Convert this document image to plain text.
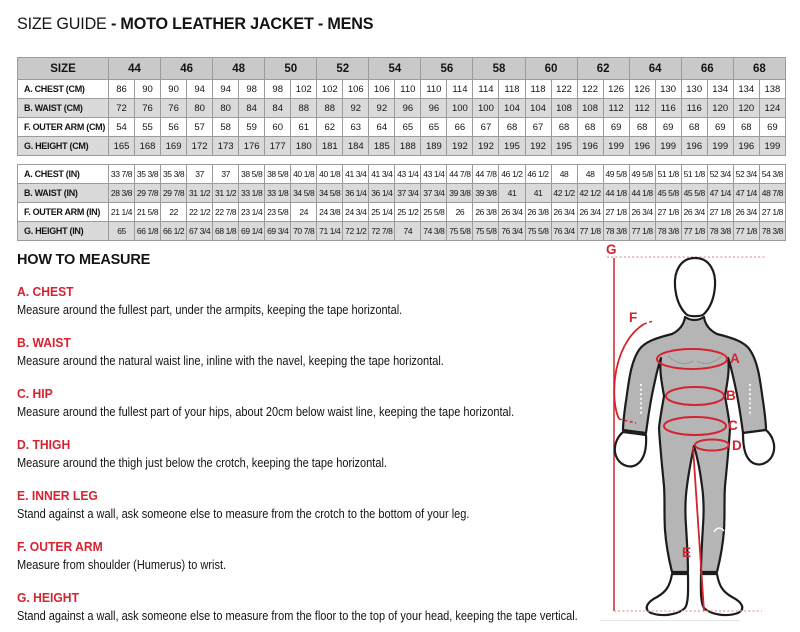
SIZE GUIDE - MOTO LEATHER JACKET - MENS
SIZE	44		46		48		50		52		54		56		58		60		62		64		66		68	
A. CHEST (CM)	86	90	90	94	94	98	98	102	102	106	106	110	110	114	114	118	118	122	122	126	126	130	130	134	134	138
B. WAIST (CM)	72	76	76	80	80	84	84	88	88	92	92	96	96	100	100	104	104	108	108	112	112	116	116	120	120	124
F. OUTER ARM (CM)	54	55	56	57	58	59	60	61	62	63	64	65	65	66	67	68	67	68	68	69	68	69	68	69	68	69
G. HEIGHT (CM)	165	168	169	172	173	176	177	180	181	184	185	188	189	192	192	195	192	195	196	199	196	199	196	199	196	199

A. CHEST (IN)	33 7/8	35 3/8	35 3/8	37	37	38 5/8	38 5/8	40 1/8	40 1/8	41 3/4	41 3/4	43 1/4	43 1/4	44 7/8	44 7/8	46 1/2	46 1/2	48	48	49 5/8	49 5/8	51 1/8	51 1/8	52 3/4	52 3/4	54 3/8
B. WAIST (IN)	28 3/8	29 7/8	29 7/8	31 1/2	31 1/2	33 1/8	33 1/8	34 5/8	34 5/8	36 1/4	36 1/4	37 3/4	37 3/4	39 3/8	39 3/8	41	41	42 1/2	42 1/2	44 1/8	44 1/8	45 5/8	45 5/8	47 1/4	47 1/4	48 7/8
F. OUTER ARM (IN)	21 1/4	21 5/8	22	22 1/2	22 7/8	23 1/4	23 5/8	24	24 3/8	24 3/4	25 1/4	25 1/2	25 5/8	26	26 3/8	26 3/4	26 3/8	26 3/4	26 3/4	27 1/8	26 3/4	27 1/8	26 3/4	27 1/8	26 3/4	27 1/8
G. HEIGHT (IN)	65	66 1/8	66 1/2	67 3/4	68 1/8	69 1/4	69 3/4	70 7/8	71 1/4	72 1/2	72 7/8	74	74 3/8	75 5/8	75 5/8	76 3/4	75 5/8	76 3/4	77 1/8	78 3/8	77 1/8	78 3/8	77 1/8	78 3/8	77 1/8	78 3/8
HOW TO MEASURE
A. CHEST
Measure around the fullest part, under the armpits, keeping the tape horizontal.
B. WAIST
Measure around the natural waist line, inline with the navel, keeping the tape horizontal.
C. HIP
Measure around the fullest part of your hips, about 20cm below waist line, keeping the tape horizontal.
D. THIGH
Measure around the thigh just below the crotch, keeping the tape horizontal.
E. INNER LEG
Stand against a wall, ask someone else to measure from the crotch to the bottom of your leg.
F. OUTER ARM
Measure from shoulder (Humerus) to wrist.
G. HEIGHT
Stand against a wall, ask someone else to measure from the floor to the top of your head, keeping the tape vertical.
G
F
A
B
C
D
E
